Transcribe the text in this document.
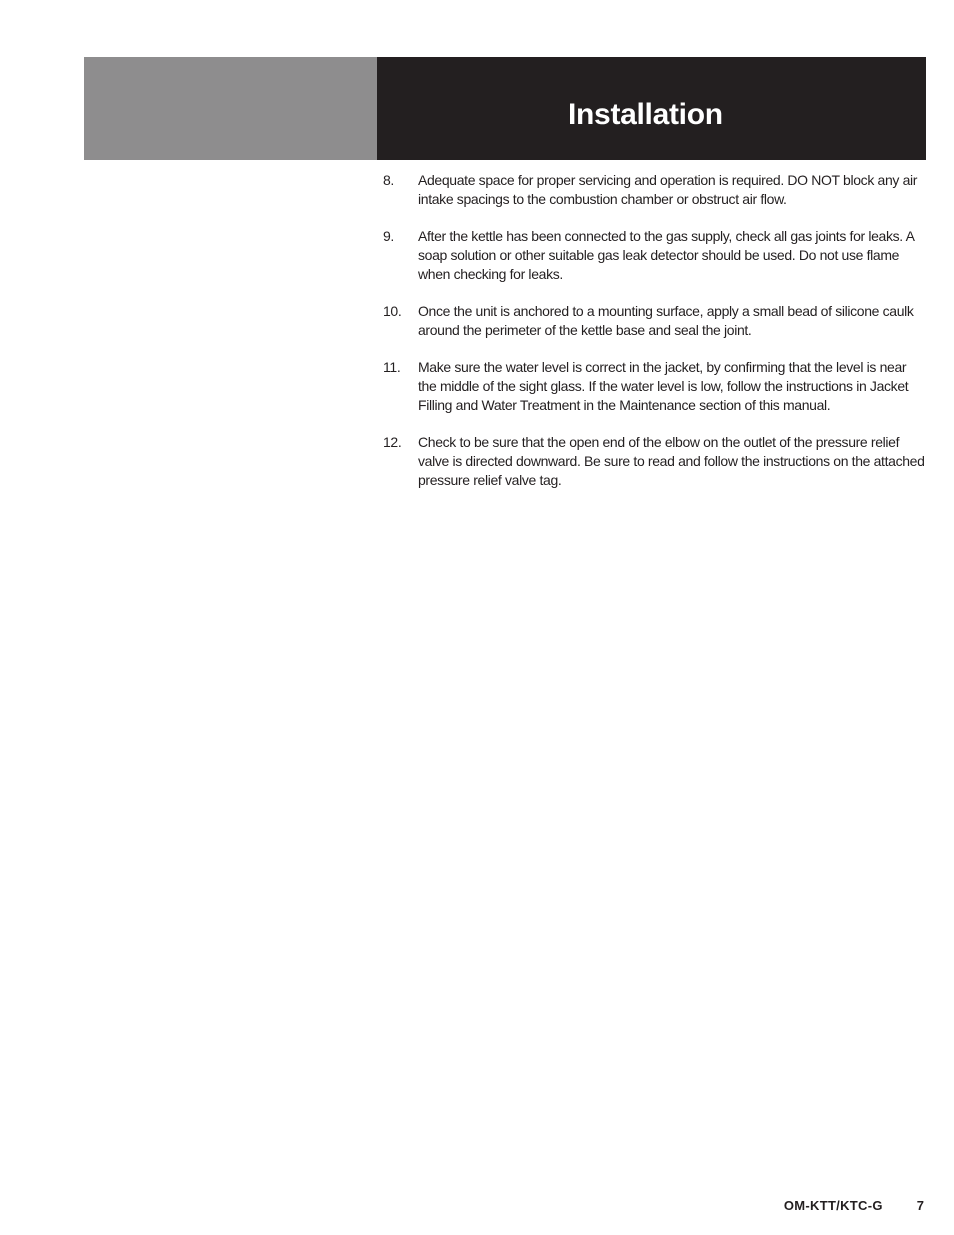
Installation
8.	Adequate space for proper servicing and operation is required. DO NOT block any air intake spacings to the combustion chamber or obstruct air flow.
9.	After the kettle has been connected to the gas supply, check all gas joints for leaks. A soap solution or other suitable gas leak detector should be used. Do not use flame when checking for leaks.
10.	Once the unit is anchored to a mounting surface, apply a small bead of silicone caulk around the perimeter of the kettle base and seal the joint.
11.	Make sure the water level is correct in the jacket, by confirming that the level is near the middle of the sight glass. If the water level is low, follow the instructions in Jacket Filling and Water Treatment in the Maintenance section of this manual.
12.	Check to be sure that the open end of the elbow on the outlet of the pressure relief valve is directed downward. Be sure to read and follow the instructions on the attached pressure relief valve tag.
OM-KTT/KTC-G	7
